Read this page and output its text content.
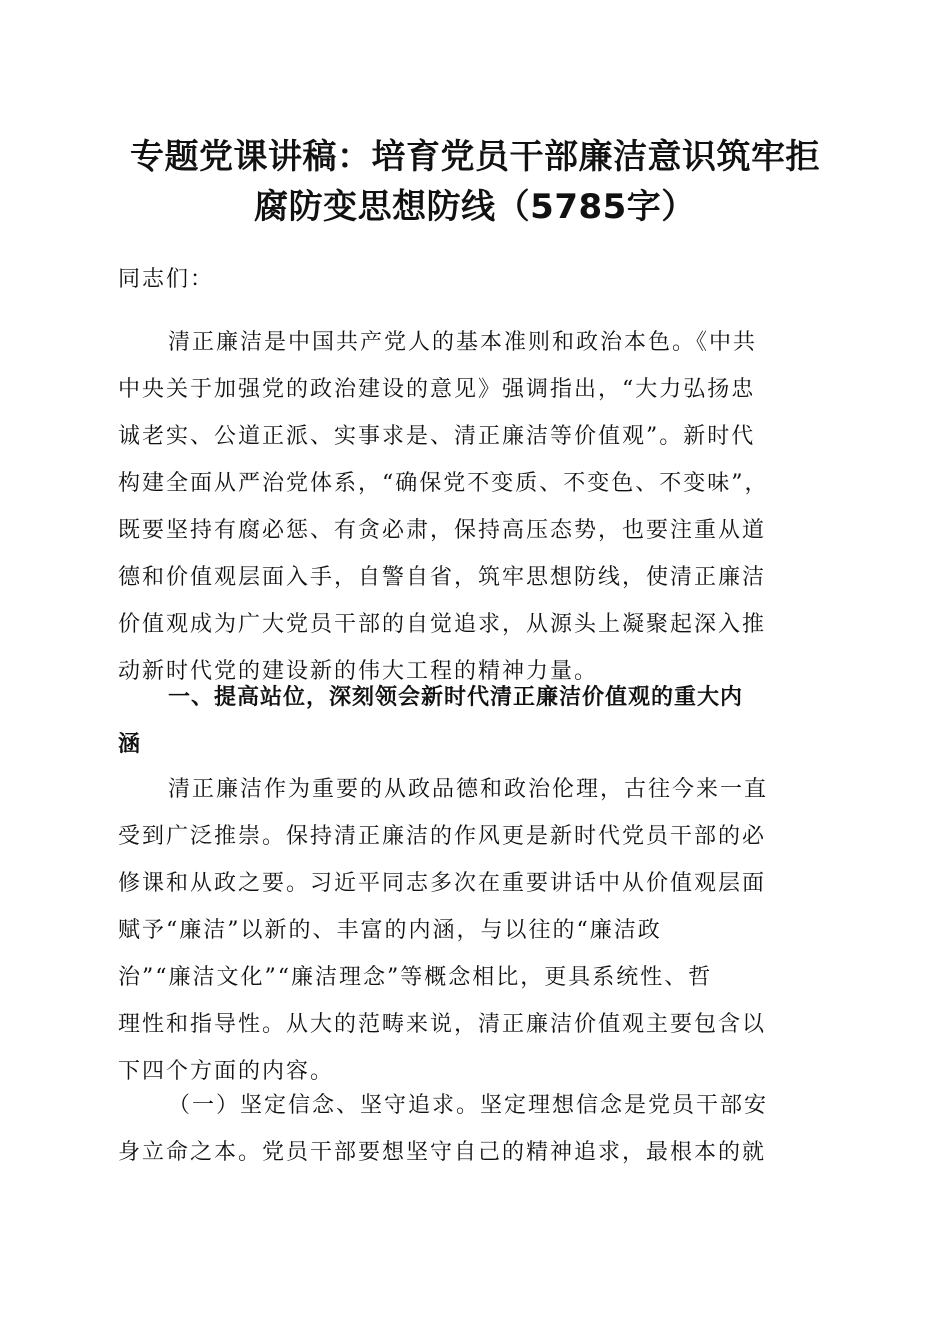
专题党课讲稿：培育党员干部廉洁意识筑牢拒
腐防变思想防线（5785字）
同志们：
清正廉洁是中国共产党人的基本准则和政治本色。《中共
中央关于加强党的政治建设的意见》强调指出，“大力弘扬忠
诚老实、公道正派、实事求是、清正廉洁等价值观”。新时代
构建全面从严治党体系，“确保党不变质、不变色、不变味”，
既要坚持有腐必惩、有贪必肃，保持高压态势，也要注重从道
德和价值观层面入手，自警自省，筑牢思想防线，使清正廉洁
价值观成为广大党员干部的自觉追求，从源头上凝聚起深入推
动新时代党的建设新的伟大工程的精神力量。
一、提高站位，深刻领会新时代清正廉洁价值观的重大内
涵
清正廉洁作为重要的从政品德和政治伦理，古往今来一直
受到广泛推崇。保持清正廉洁的作风更是新时代党员干部的必
修课和从政之要。习近平同志多次在重要讲话中从价值观层面
赋予“廉洁”以新的、丰富的内涵，与以往的“廉洁政
治”“廉洁文化”“廉洁理念”等概念相比，更具系统性、哲
理性和指导性。从大的范畴来说，清正廉洁价值观主要包含以
下四个方面的内容。
（一）坚定信念、坚守追求。坚定理想信念是党员干部安
身立命之本。党员干部要想坚守自己的精神追求，最根本的就
